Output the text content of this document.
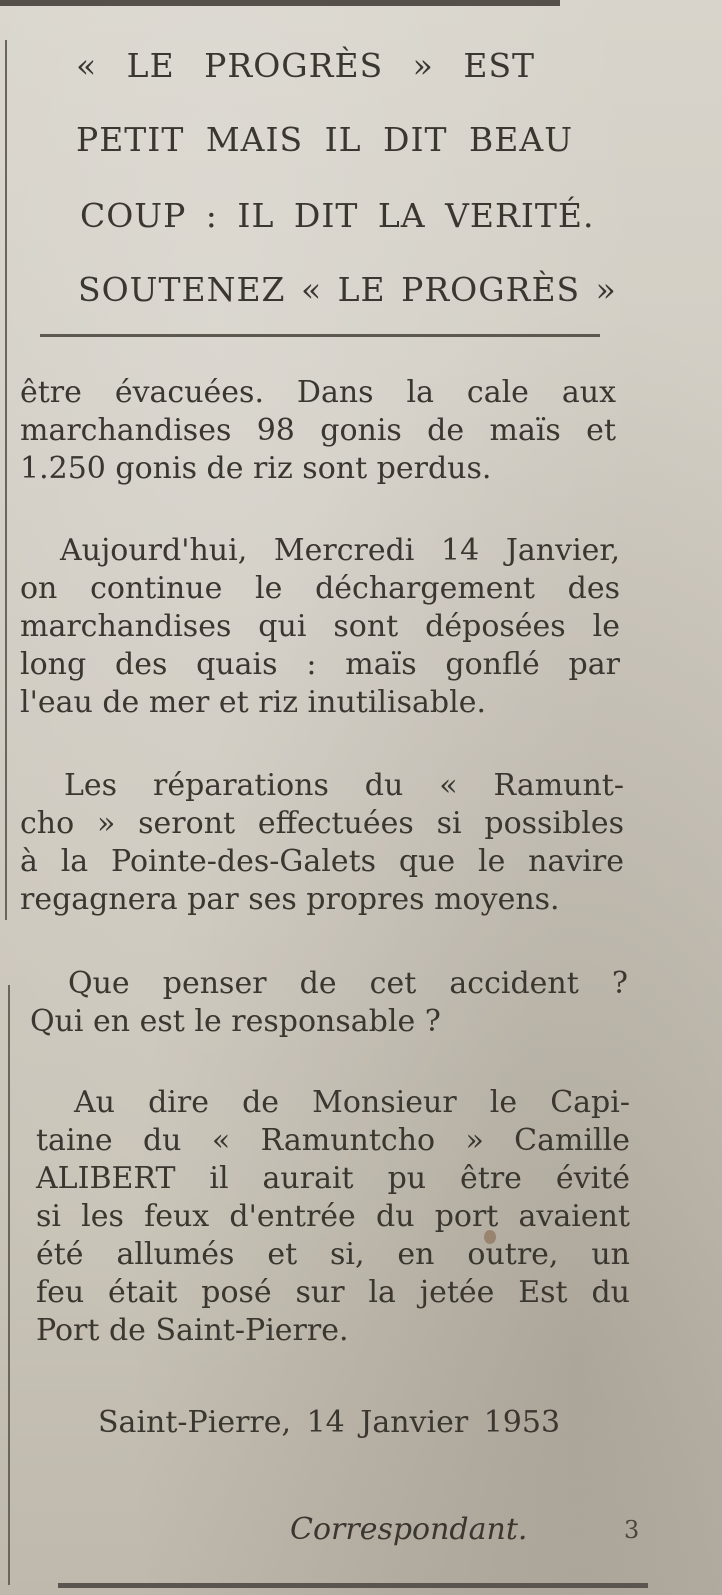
« LE PROGRÈS » EST
PETIT MAIS IL DIT BEAU
COUP : IL DIT LA VERITÉ.
SOUTENEZ « LE PROGRÈS »
être évacuées. Dans la cale aux
marchandises 98 gonis de maïs et
1.250 gonis de riz sont perdus.
Aujourd'hui, Mercredi 14 Janvier,
on continue le déchargement des
marchandises qui sont déposées le
long des quais : maïs gonflé par
l'eau de mer et riz inutilisable.
Les réparations du « Ramunt-
cho » seront effectuées si possibles
à la Pointe-des-Galets que le navire
regagnera par ses propres moyens.
Que penser de cet accident ?
Qui en est le responsable ?
Au dire de Monsieur le Capi-
taine du « Ramuntcho » Camille
ALIBERT il aurait pu être évité
si les feux d'entrée du port avaient
été allumés et si, en outre, un
feu était posé sur la jetée Est du
Port de Saint-Pierre.
Saint-Pierre, 14 Janvier 1953
Correspondant.	3
